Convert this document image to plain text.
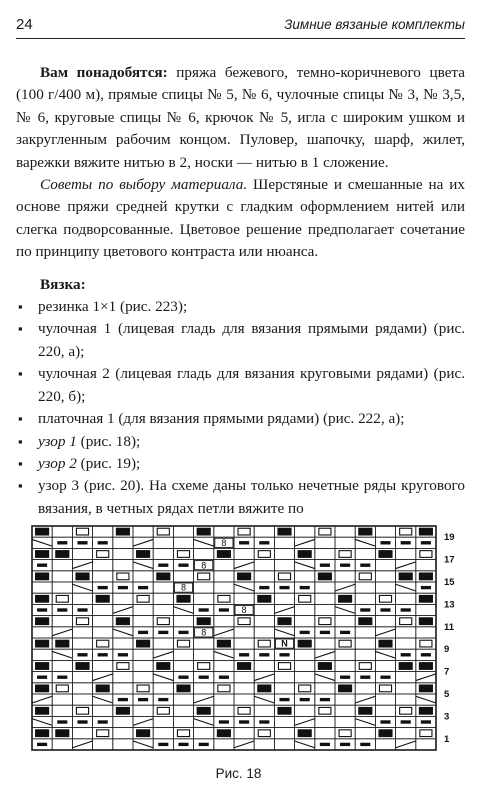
24	Зимние вязаные комплекты

Вам понадобятся: пряжа бежевого, темно-коричневого цвета (100 г/400 м), прямые спицы № 5, № 6, чулочные спицы № 3, № 3,5, № 6, круговые спицы № 6, крючок № 5, игла с широким ушком и закругленным рабочим концом. Пуловер, шапочку, шарф, жилет, варежки вяжите нитью в 2, носки — нитью в 1 сложение.

Советы по выбору материала. Шерстяные и смешанные на их основе пряжи средней крутки с гладким оформлением нитей или слегка подворсованные. Цветовое решение предполагает сочетание по принципу цветового контраста или нюанса.

Вязка:
▪ резинка 1×1 (рис. 223);
▪ чулочная 1 (лицевая гладь для вязания прямыми рядами) (рис. 220, а);
▪ чулочная 2 (лицевая гладь для вязания круговыми рядами) (рис. 220, б);
▪ платочная 1 (для вязания прямыми рядами) (рис. 222, а);
▪ узор 1 (рис. 18);
▪ узор 2 (рис. 19);
▪ узор 3 (рис. 20). На схеме даны только нечетные ряды кругового вязания, в четных рядах петли вяжите по
8
8
8
8
8
N
19
17
15
13
11
9
7
5
3
1
Рис. 18
